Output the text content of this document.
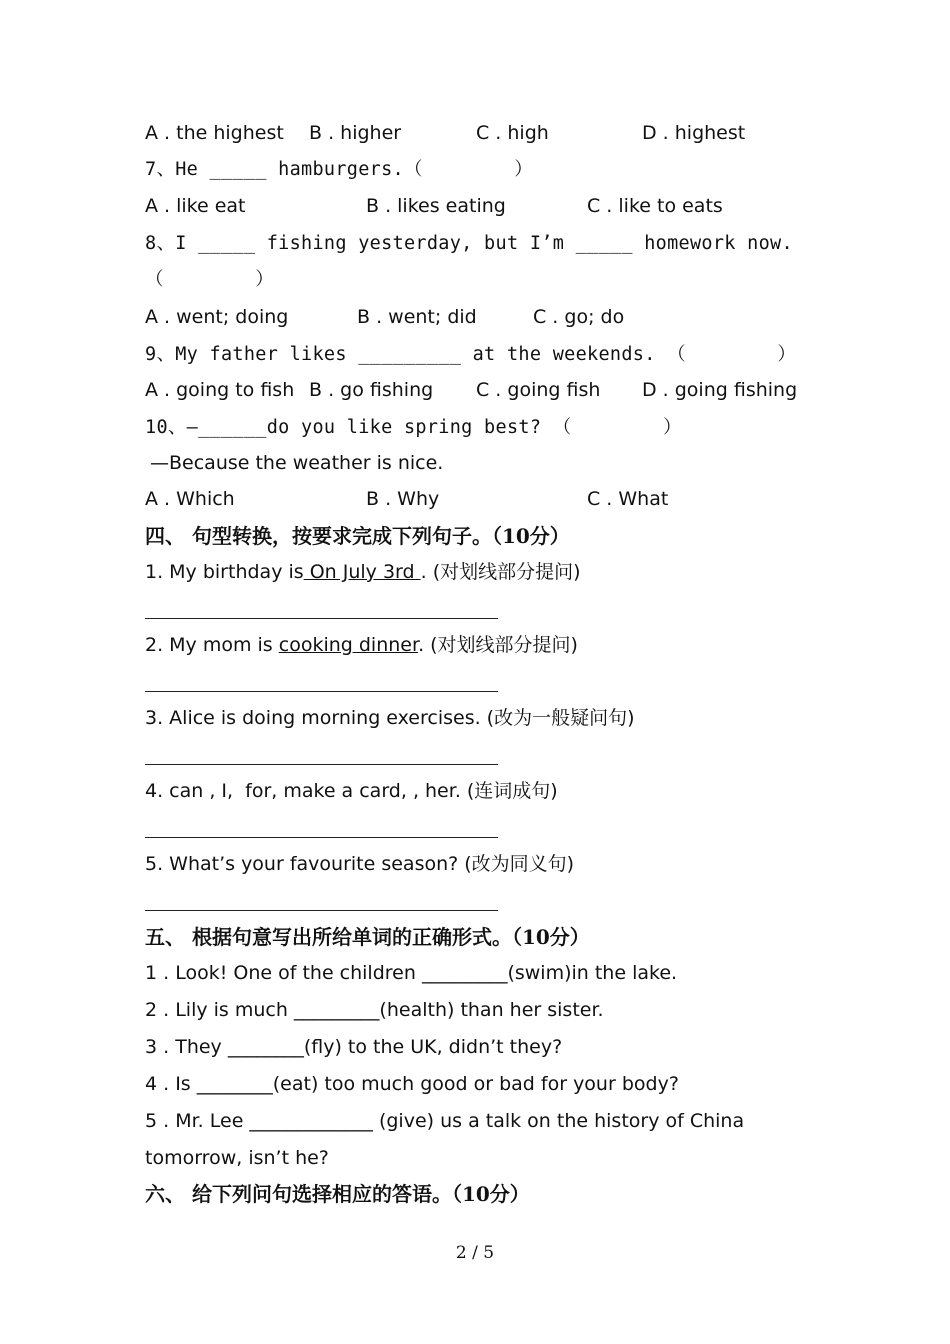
A . the highest B . higher	C . high	D . highest
7、He _____ hamburgers.（        ）
A . like eat	B . likes eating	C . like to eats
8、I _____ fishing yesterday, but I’m _____ homework now.
（        ）
A . went; doing	B . went; did	C . go; do
9、My father likes _________ at the weekends. （        ）
A . going to fish B . go fishing C . going fish D . going fishing
10、—______do you like spring best? （        ）
—Because the weather is nice.
A . Which	B . Why	C . What
四、 句型转换，按要求完成下列句子。（10分）
1. My birthday is On July 3rd . (对划线部分提问)
2. My mom is cooking dinner. (对划线部分提问)
3. Alice is doing morning exercises. (改为一般疑问句)
4. can , I,  for, make a card, , her. (连词成句)
5. What’s your favourite season? (改为同义句)
五、 根据句意写出所给单词的正确形式。（10分）
1 . Look! One of the children _________(swim)in the lake.
2 . Lily is much _________(health) than her sister.
3 . They ________(fly) to the UK, didn’t they?
4 . Is ________(eat) too much good or bad for your body?
5 . Mr. Lee _____________ (give) us a talk on the history of China
tomorrow, isn’t he?
六、 给下列问句选择相应的答语。（10分）
2 / 5
